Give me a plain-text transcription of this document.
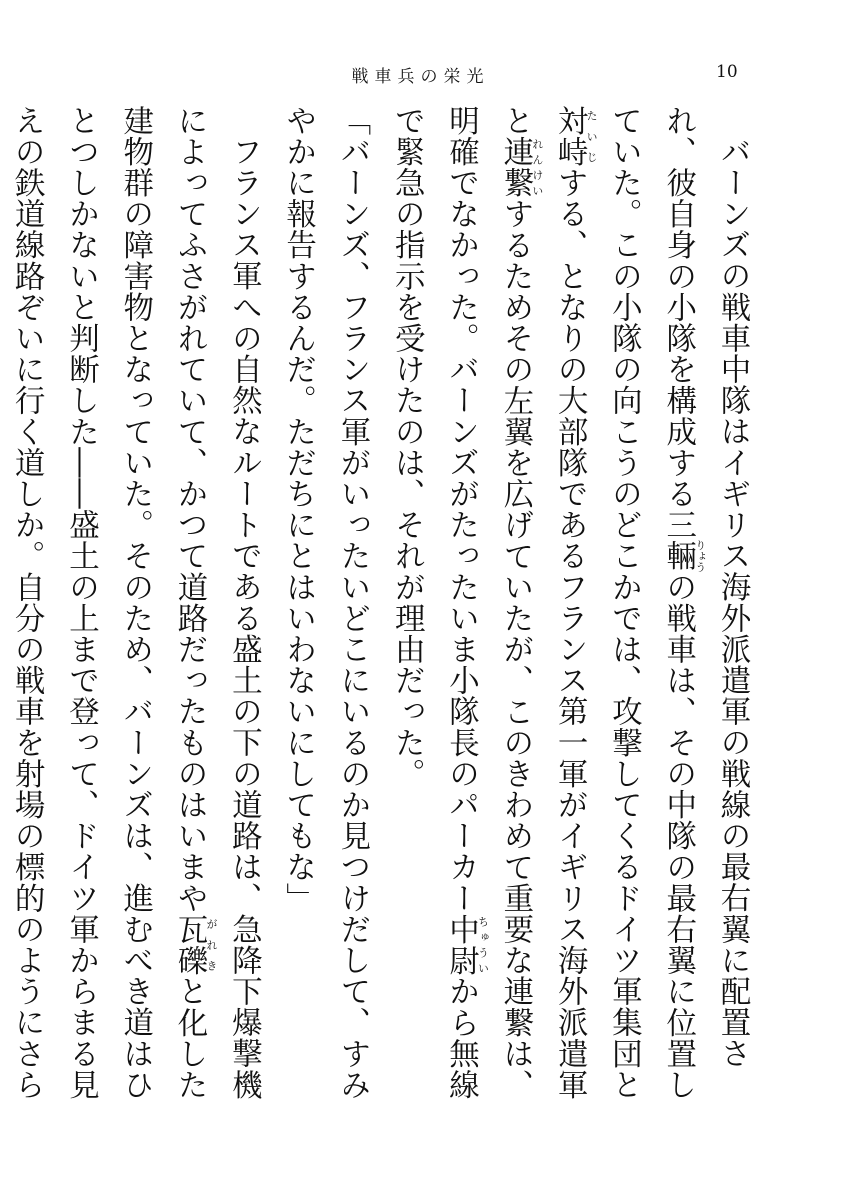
戦車兵の栄光	10

バーンズの戦車中隊はイギリス海外派遣軍の戦線の最右翼に配置され、彼自身の小隊を構成する三輛りょうの戦車は、その中隊の最右翼に位置していた。この小隊の向こうのどこかでは、攻撃してくるドイツ軍集団と対峙たいじする、となりの大部隊であるフランス第一軍がイギリス海外派遣軍と連繋れんけいするためその左翼を広げていたが、このきわめて重要な連繋は、明確でなかった。バーンズがたったいま小隊長のパーカー中尉ちゅういから無線で緊急の指示を受けたのは、それが理由だった。

「バーンズ、フランス軍がいったいどこにいるのか見つけだして、すみやかに報告するんだ。ただちにとはいわないにしてもな」

フランス軍への自然なルートである盛土の下の道路は、急降下爆撃機によってふさがれていて、かつて道路だったものはいまや瓦礫がれきと化した建物群の障害物となっていた。そのため、バーンズは、進むべき道はひとつしかないと判断した――盛土の上まで登って、ドイツ軍からまる見えの鉄道線路ぞいに行く道しか。自分の戦車を射場の標的のようにさら
